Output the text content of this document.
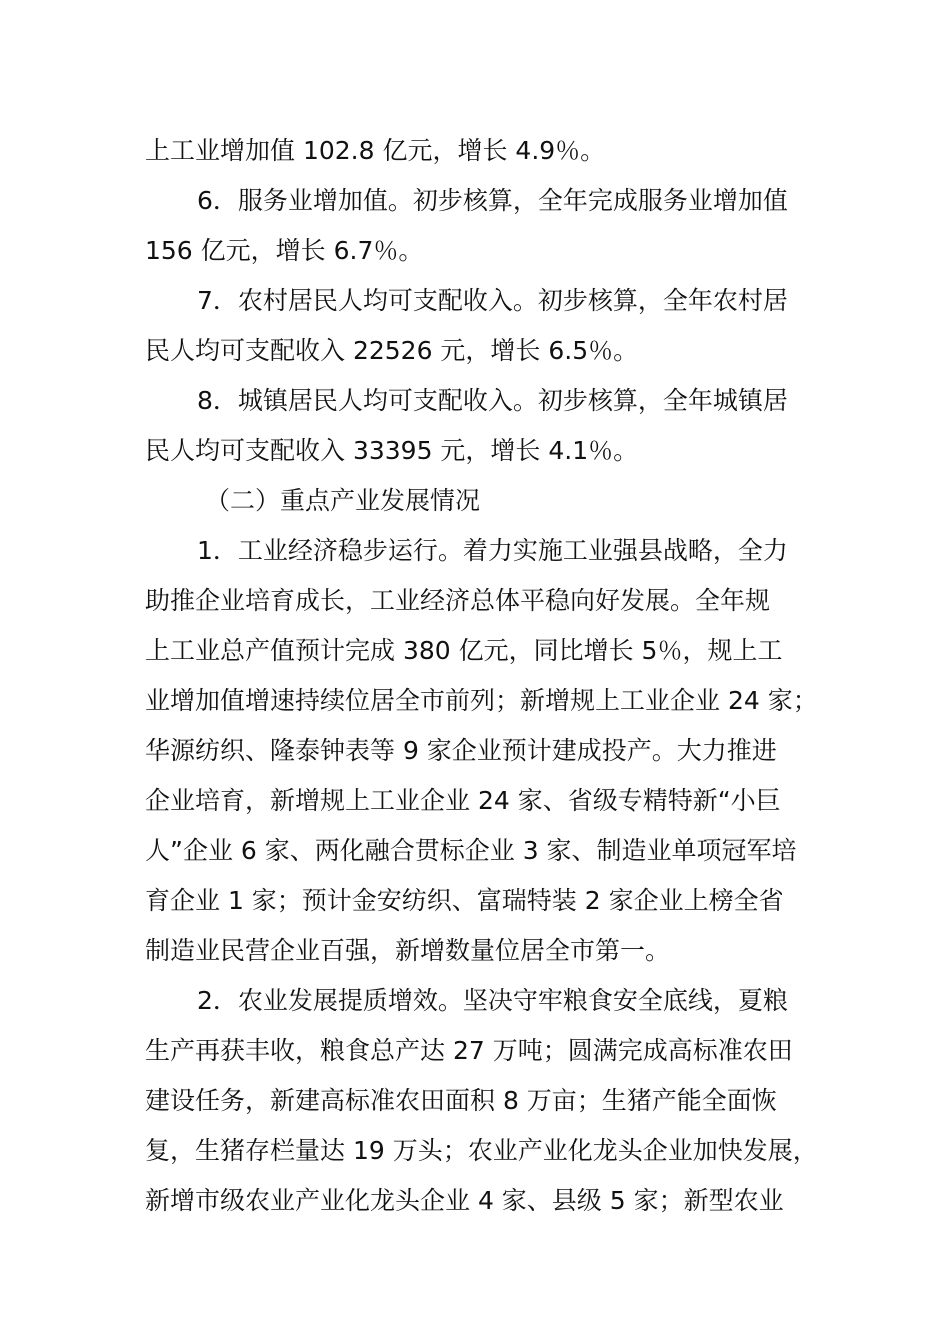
上工业增加值 102.8 亿元，增长 4.9％。
6．服务业增加值。初步核算，全年完成服务业增加值
156 亿元，增长 6.7％。
7．农村居民人均可支配收入。初步核算，全年农村居
民人均可支配收入 22526 元，增长 6.5％。
8．城镇居民人均可支配收入。初步核算，全年城镇居
民人均可支配收入 33395 元，增长 4.1％。
（二）重点产业发展情况
1．工业经济稳步运行。着力实施工业强县战略，全力
助推企业培育成长，工业经济总体平稳向好发展。全年规
上工业总产值预计完成 380 亿元，同比增长 5％，规上工
业增加值增速持续位居全市前列；新增规上工业企业 24 家；
华源纺织、隆泰钟表等 9 家企业预计建成投产。大力推进
企业培育，新增规上工业企业 24 家、省级专精特新“小巨
人”企业 6 家、两化融合贯标企业 3 家、制造业单项冠军培
育企业 1 家；预计金安纺织、富瑞特装 2 家企业上榜全省
制造业民营企业百强，新增数量位居全市第一。
2．农业发展提质增效。坚决守牢粮食安全底线，夏粮
生产再获丰收，粮食总产达 27 万吨；圆满完成高标准农田
建设任务，新建高标准农田面积 8 万亩；生猪产能全面恢
复，生猪存栏量达 19 万头；农业产业化龙头企业加快发展，
新增市级农业产业化龙头企业 4 家、县级 5 家；新型农业
